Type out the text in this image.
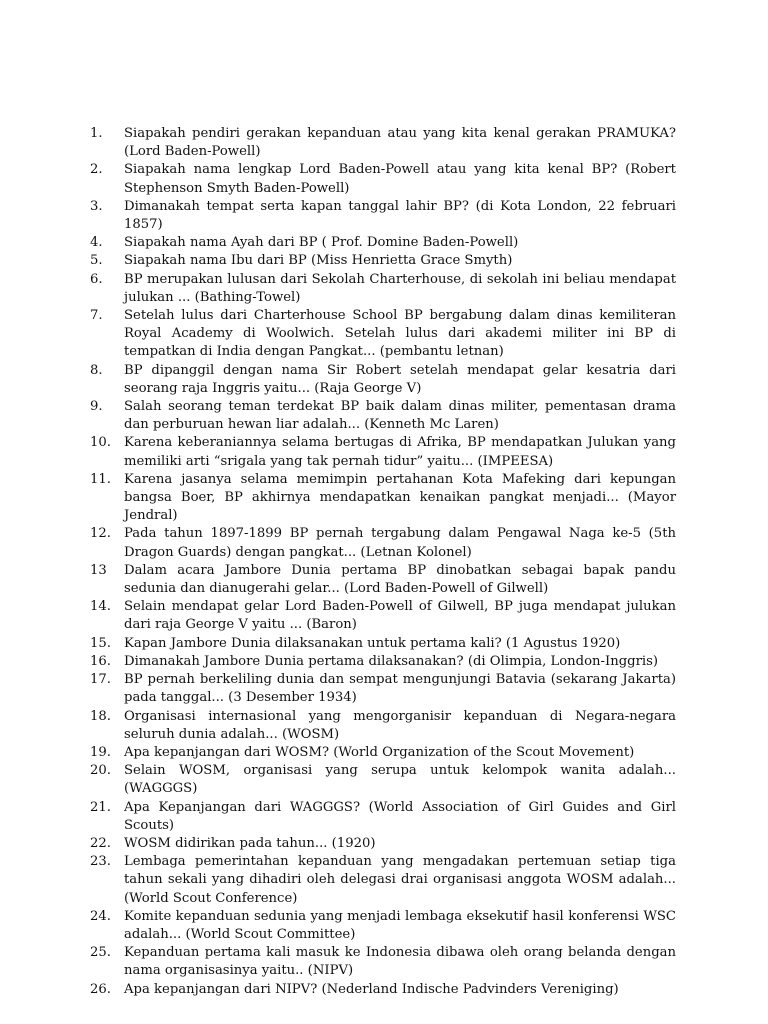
1.	Siapakah pendiri gerakan kepanduan atau yang kita kenal gerakan PRAMUKA? (Lord Baden-Powell)
2.	Siapakah nama lengkap Lord Baden-Powell atau yang kita kenal BP? (Robert Stephenson Smyth Baden-Powell)
3.	Dimanakah tempat serta kapan tanggal lahir BP? (di Kota London, 22 februari 1857)
4.	Siapakah nama Ayah dari BP ( Prof. Domine Baden-Powell)
5.	Siapakah nama Ibu dari BP (Miss Henrietta Grace Smyth)
6.	BP merupakan lulusan dari Sekolah Charterhouse, di sekolah ini beliau mendapat julukan ... (Bathing-Towel)
7.	Setelah lulus dari Charterhouse School BP bergabung dalam dinas kemiliteran Royal Academy di Woolwich. Setelah lulus dari akademi militer ini BP di tempatkan di India dengan Pangkat... (pembantu letnan)
8.	BP dipanggil dengan nama Sir Robert setelah mendapat gelar kesatria dari seorang raja Inggris yaitu... (Raja George V)
9.	Salah seorang teman terdekat BP baik dalam dinas militer, pementasan drama dan perburuan hewan liar adalah... (Kenneth Mc Laren)
10. Karena keberaniannya selama bertugas di Afrika, BP mendapatkan Julukan yang memiliki arti “srigala yang tak pernah tidur” yaitu... (IMPEESA)
11. Karena jasanya selama memimpin pertahanan Kota Mafeking dari kepungan bangsa Boer, BP akhirnya mendapatkan kenaikan pangkat menjadi... (Mayor Jendral)
12. Pada tahun 1897-1899 BP pernah tergabung dalam Pengawal Naga ke-5 (5th Dragon Guards) dengan pangkat... (Letnan Kolonel)
13	Dalam acara Jambore Dunia pertama BP dinobatkan sebagai bapak pandu sedunia dan dianugerahi gelar... (Lord Baden-Powell of Gilwell)
14. Selain mendapat gelar Lord Baden-Powell of Gilwell, BP juga mendapat julukan dari raja George V yaitu ... (Baron)
15. Kapan Jambore Dunia dilaksanakan untuk pertama kali? (1 Agustus 1920)
16. Dimanakah Jambore Dunia pertama dilaksanakan? (di Olimpia, London-Inggris)
17. BP pernah berkeliling dunia dan sempat mengunjungi Batavia (sekarang Jakarta) pada tanggal... (3 Desember 1934)
18. Organisasi internasional yang mengorganisir kepanduan di Negara-negara seluruh dunia adalah... (WOSM)
19. Apa kepanjangan dari WOSM? (World Organization of the Scout Movement)
20. Selain WOSM, organisasi yang serupa untuk kelompok wanita adalah... (WAGGGS)
21. Apa Kepanjangan dari WAGGGS? (World Association of Girl Guides and Girl Scouts)
22. WOSM didirikan pada tahun... (1920)
23. Lembaga pemerintahan kepanduan yang mengadakan pertemuan setiap tiga tahun sekali yang dihadiri oleh delegasi drai organisasi anggota WOSM adalah... (World Scout Conference)
24. Komite kepanduan sedunia yang menjadi lembaga eksekutif hasil konferensi WSC adalah... (World Scout Committee)
25. Kepanduan pertama kali masuk ke Indonesia dibawa oleh orang belanda dengan nama organisasinya yaitu.. (NIPV)
26. Apa kepanjangan dari NIPV? (Nederland Indische Padvinders Vereniging)
